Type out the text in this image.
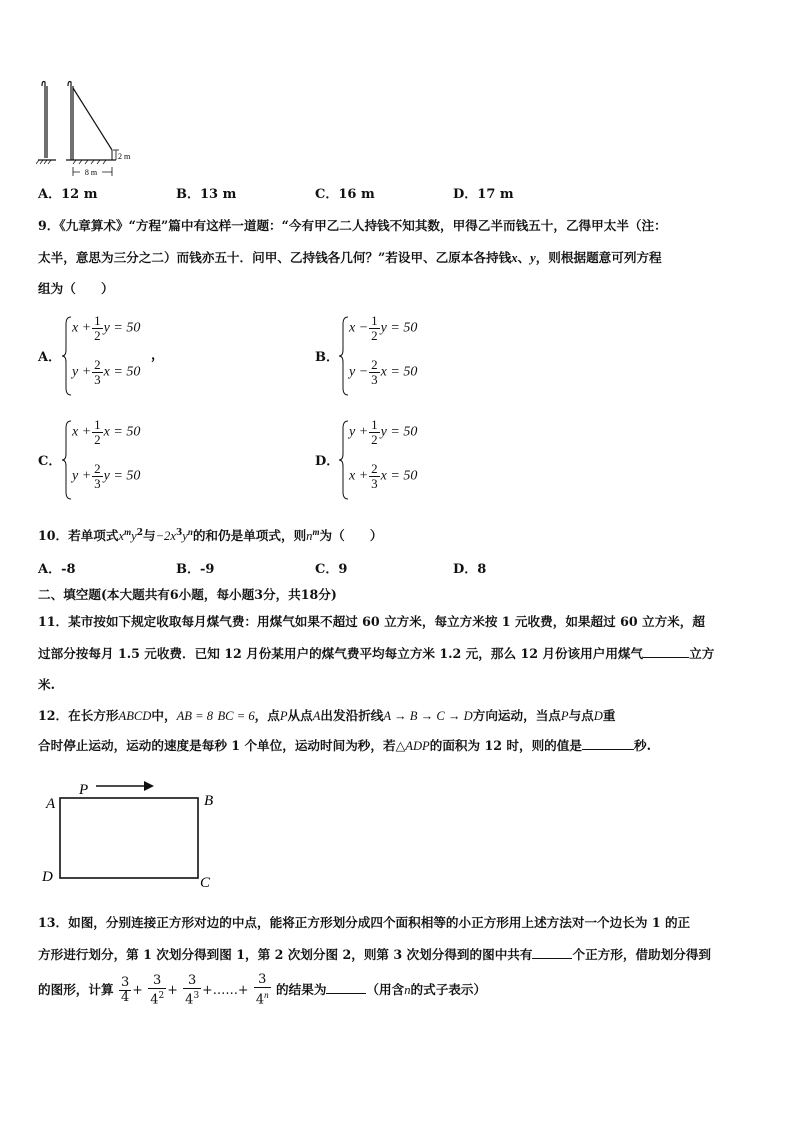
8 m
2 m
A．12 m	B．13 m	C．16 m	D．17 m
9．《九章算术》“方程”篇中有这样一道题：“今有甲乙二人持钱不知其数，甲得乙半而钱五十，乙得甲太半（注：
太半，意思为三分之二）而钱亦五十．问甲、乙持钱各几何？”若设甲、乙原本各持钱x、y，则根据题意可列方程
组为（　　）
A．
$x + \frac{1}{2}$ y = 50
$y + \frac{2}{3}$ x = 50
，	B．
$x - \frac{1}{2}$ y = 50
$y - \frac{2}{3}$ x = 50
C．
$x + \frac{1}{2}$ x = 50
$y + \frac{2}{3}$ y = 50
D．
$y + \frac{1}{2}$ y = 50
$x + \frac{2}{3}$ x = 50
10．若单项式$x^my^2$与$-2x^3y^n$的和仍是单项式，则$n^m$为（　　）
A．-8	B．-9	C．9	D．8
二、填空题(本大题共有6小题，每小题3分，共18分)
11．某市按如下规定收取每月煤气费：用煤气如果不超过 60 立方米，每立方米按 1 元收费，如果超过 60 立方米，超
过部分按每月 1.5 元收费．已知 12 月份某用户的煤气费平均每立方米 1.2 元，那么 12 月份该用户用煤气	立方
米.
12．在长方形ABCD中，AB = 8 BC = 6，点P从点A出发沿折线A → B → C → D方向运动，当点P与点D重
合时停止运动，运动的速度是每秒 1 个单位，运动时间为秒，若△ADP的面积为 12 时，则的值是	秒.
P
A	B
C
D
13．如图，分别连接正方形对边的中点，能将正方形划分成四个面积相等的小正方形用上述方法对一个边长为 1 的正
方形进行划分，第 1 次划分得到图 1，第 2 次划分图 2，则第 3 次划分得到的图中共有	个正方形，借助划分得到
的图形，计算 $\frac{3}{4} + \frac{3}{4^2} + \frac{3}{4^3}$ +……+ $\frac{3}{4^n}$ 的结果为	（用含n的式子表示）
